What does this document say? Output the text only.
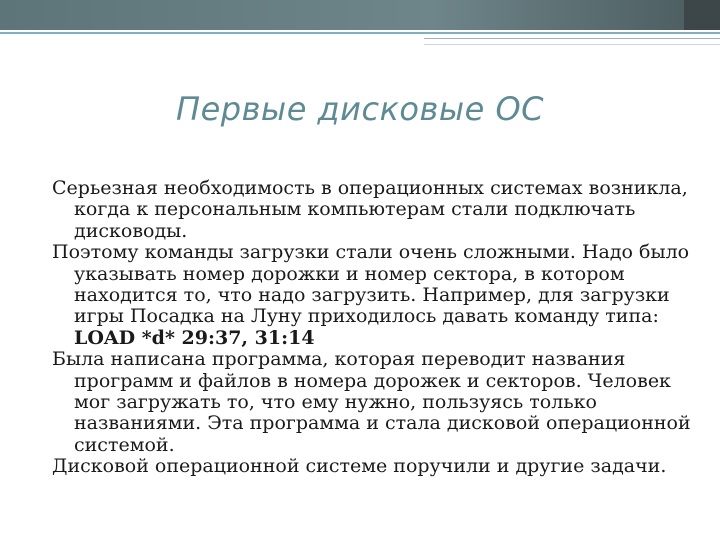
Первые дисковые ОС

Серьезная необходимость в операционных системах возникла, когда к персональным компьютерам стали подключать дисководы.

Поэтому команды загрузки стали очень сложными. Надо было указывать номер дорожки и номер сектора, в котором находится то, что надо загрузить. Например, для загрузки игры Посадка на Луну приходилось давать команду типа: LOAD *d* 29:37, 31:14

Была написана программа, которая переводит названия программ и файлов в номера дорожек и секторов. Человек мог загружать то, что ему нужно, пользуясь только названиями. Эта программа и стала дисковой операционной системой.

Дисковой операционной системе поручили и другие задачи.
